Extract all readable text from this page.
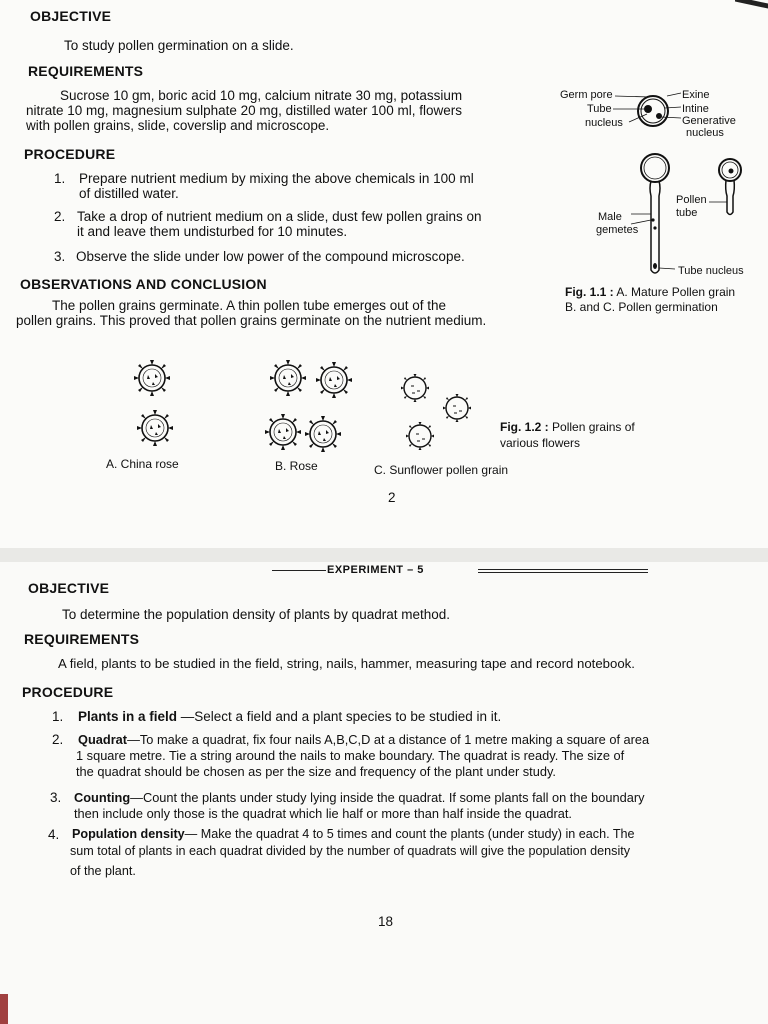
OBJECTIVE
To study pollen germination on a slide.
REQUIREMENTS
Sucrose 10 gm, boric acid 10 mg, calcium nitrate 30 mg, potassium
nitrate 10 mg, magnesium sulphate 20 mg, distilled water 100 ml, flowers
with pollen grains, slide, coverslip and microscope.
PROCEDURE
1. Prepare nutrient medium by mixing the above chemicals in 100 ml
of distilled water.
2. Take a drop of nutrient medium on a slide, dust few pollen grains on
it and leave them undisturbed for 10 minutes.
3. Observe the slide under low power of the compound microscope.
OBSERVATIONS AND CONCLUSION
The pollen grains germinate. A thin pollen tube emerges out of the
pollen grains. This proved that pollen grains germinate on the nutrient medium.
Germ pore
Tube
nucleus
Exine
Intine
Generative
nucleus
Pollen
tube
Male
gemetes
Tube nucleus
Fig. 1.1 : A. Mature Pollen grain
B. and C. Pollen germination
A. China rose	B. Rose	C. Sunflower pollen grain
Fig. 1.2 : Pollen grains of
various flowers
2
EXPERIMENT – 5
OBJECTIVE
To determine the population density of plants by quadrat method.
REQUIREMENTS
A field, plants to be studied in the field, string, nails, hammer, measuring tape and record notebook.
PROCEDURE
1. Plants in a field —Select a field and a plant species to be studied in it.
2. Quadrat—To make a quadrat, fix four nails A,B,C,D at a distance of 1 metre making a square of area
1 square metre. Tie a string around the nails to make boundary. The quadrat is ready. The size of
the quadrat should be chosen as per the size and frequency of the plant under study.
3. Counting—Count the plants under study lying inside the quadrat. If some plants fall on the boundary
then include only those is the quadrat which lie half or more than half inside the quadrat.
4. Population density— Make the quadrat 4 to 5 times and count the plants (under study) in each. The
sum total of plants in each quadrat divided by the number of quadrats will give the population density
of the plant.
18
